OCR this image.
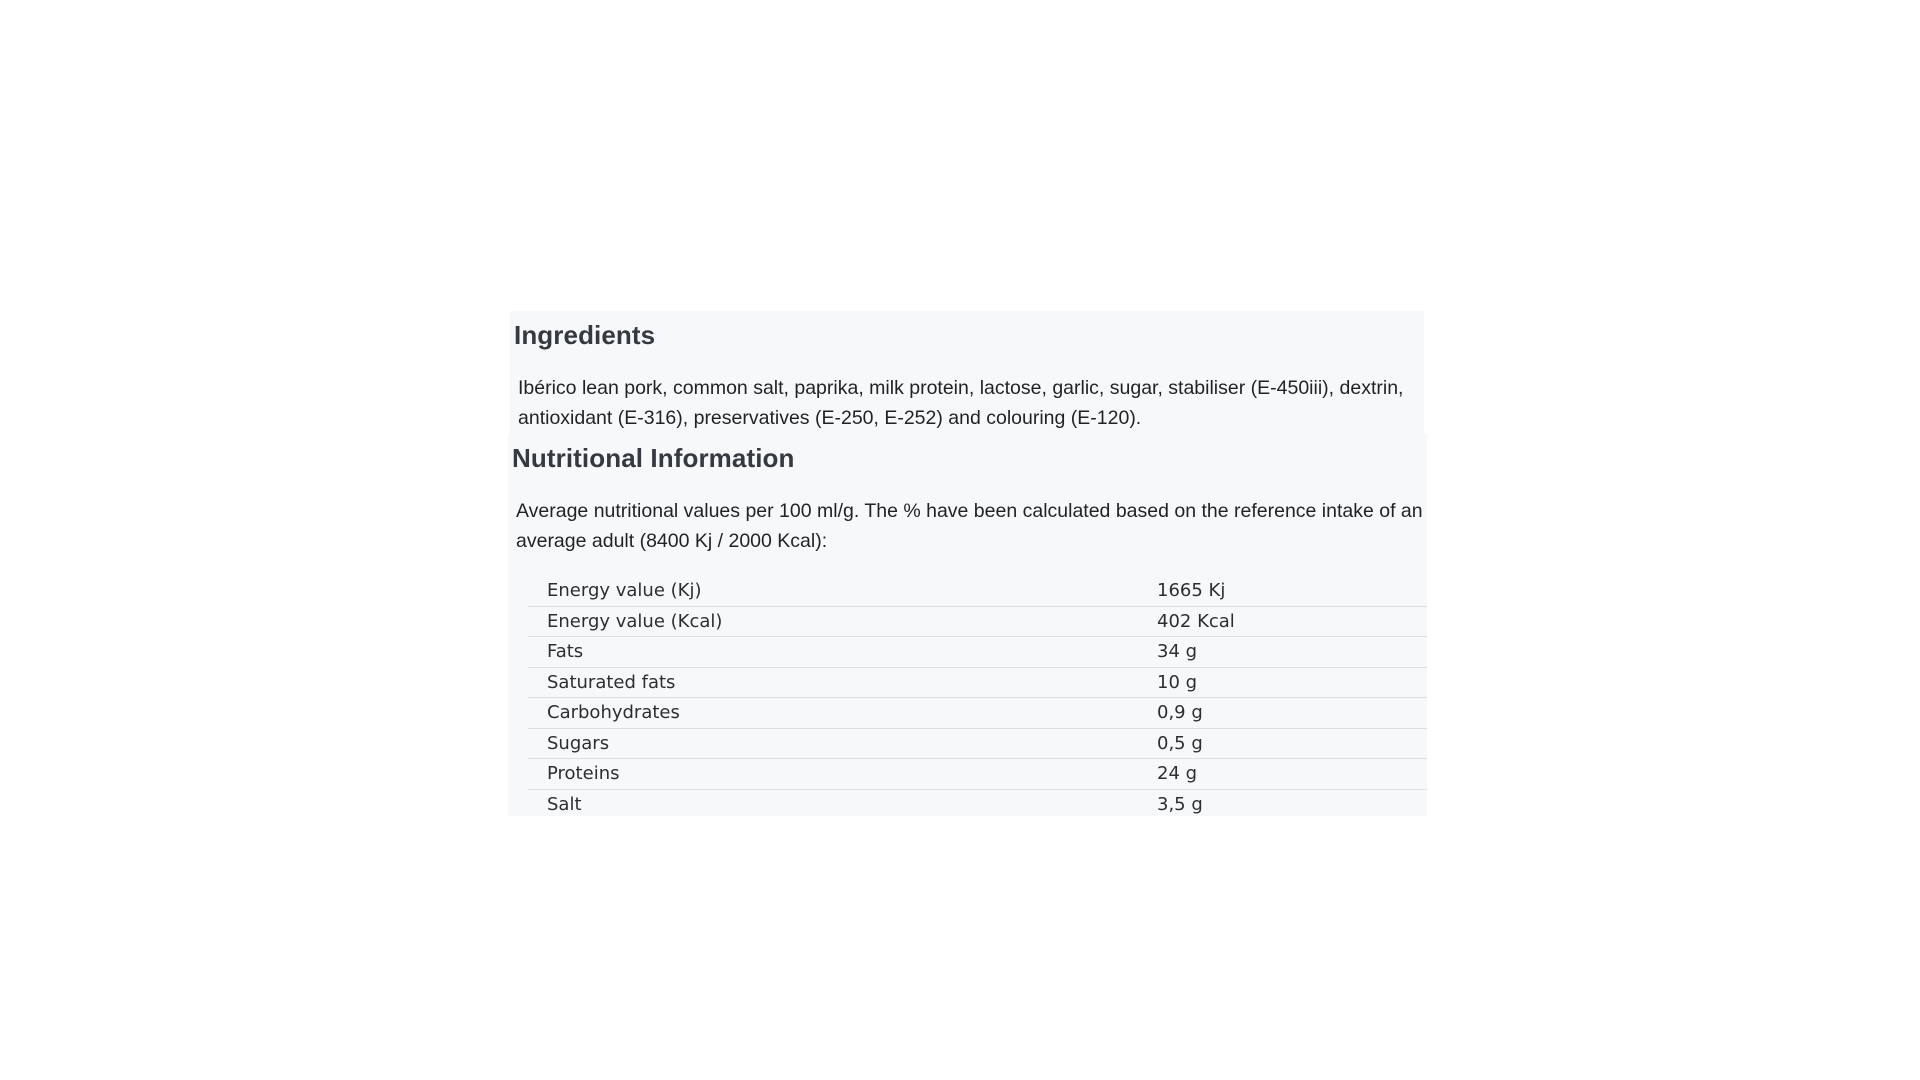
Ingredients

Ibérico lean pork, common salt, paprika, milk protein, lactose, garlic, sugar, stabiliser (E-450iii), dextrin, antioxidant (E-316), preservatives (E-250, E-252) and colouring (E-120).

Nutritional Information

Average nutritional values per 100 ml/g. The % have been calculated based on the reference intake of an average adult (8400 Kj / 2000 Kcal):

Energy value (Kj)	1665 Kj
Energy value (Kcal)	402 Kcal
Fats	34 g
Saturated fats	10 g
Carbohydrates	0,9 g
Sugars	0,5 g
Proteins	24 g
Salt	3,5 g
